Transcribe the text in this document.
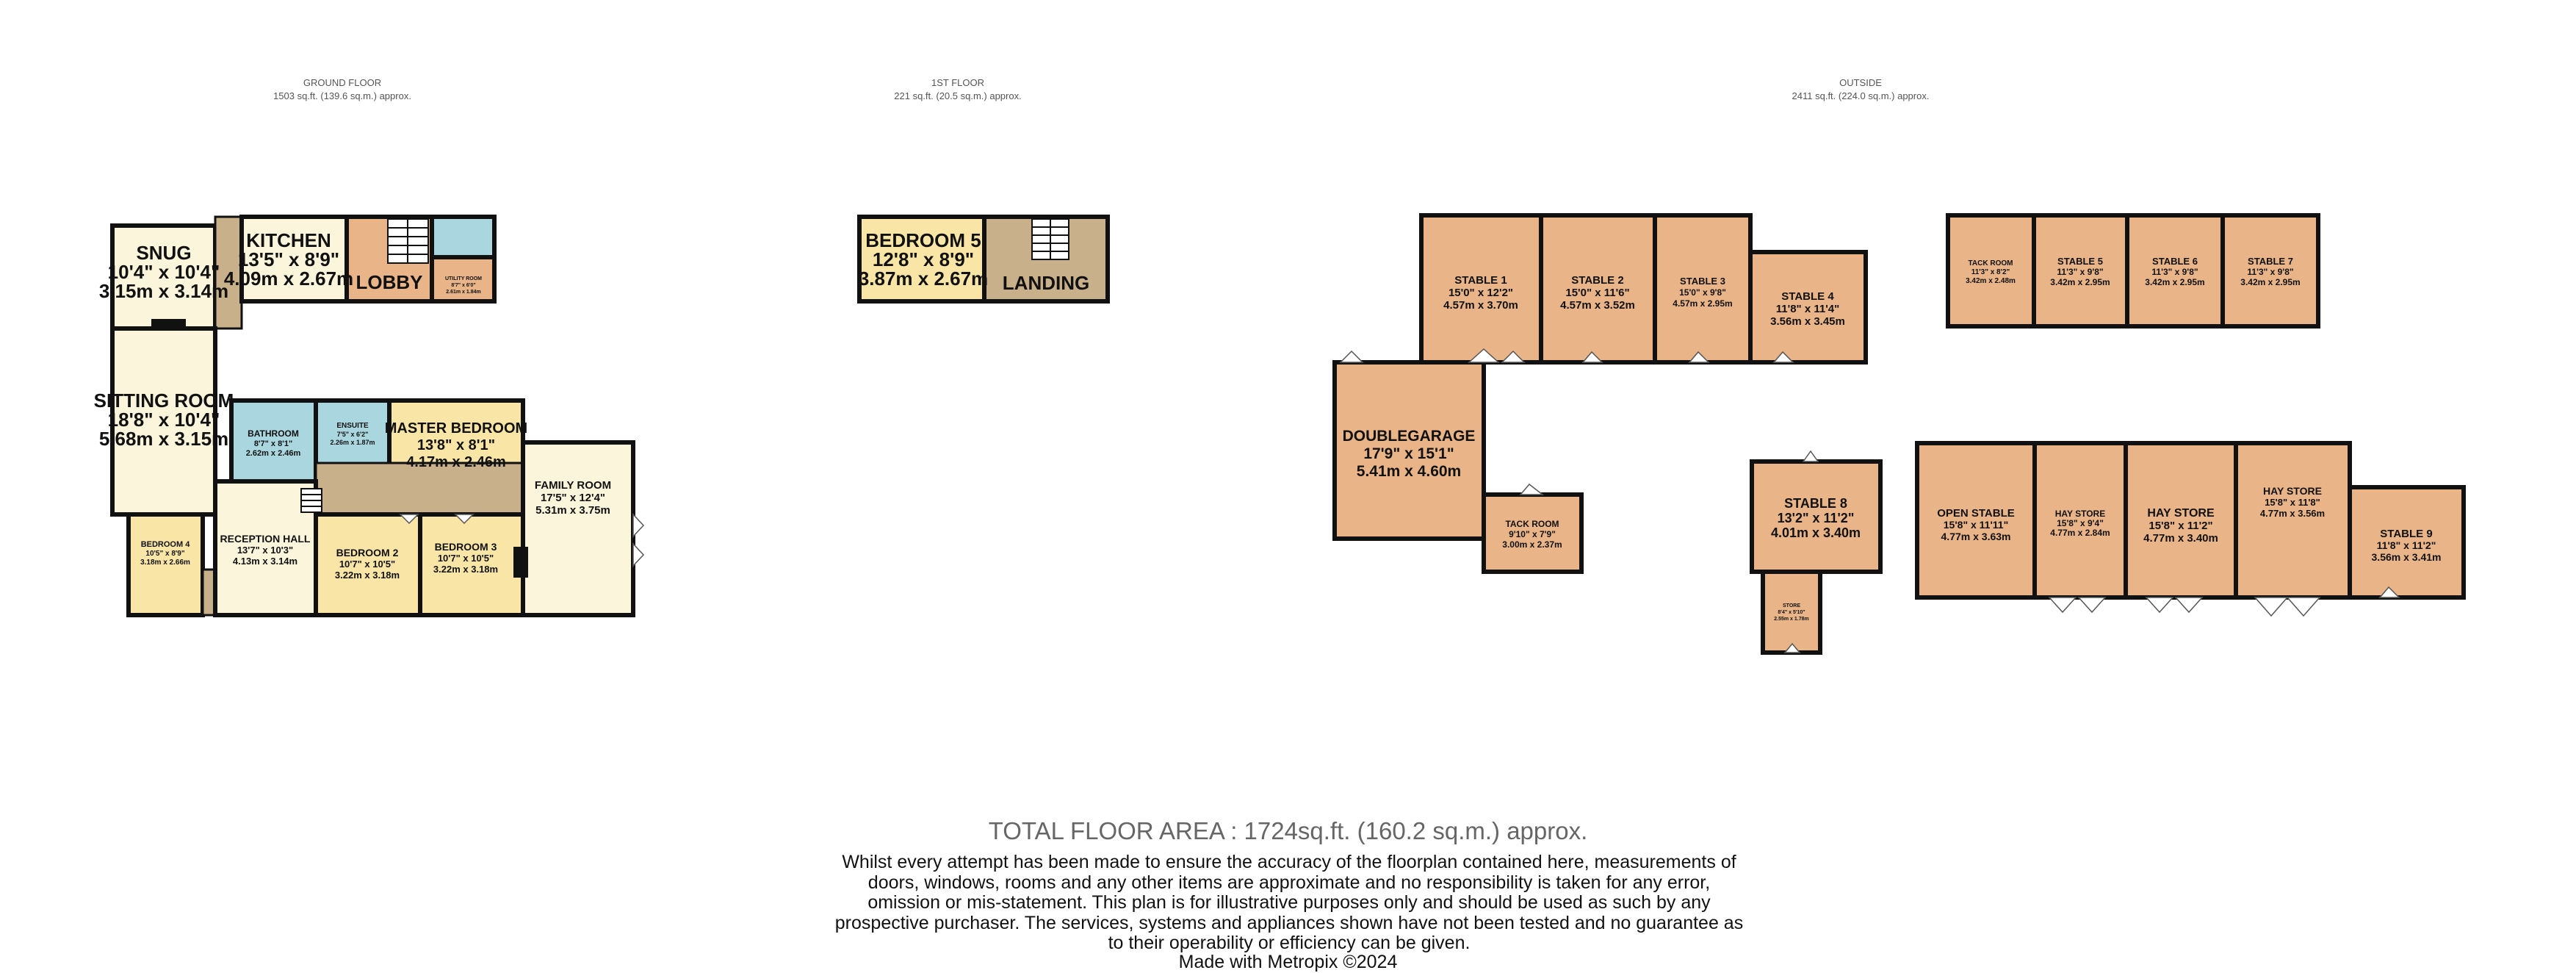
GROUND FLOOR
1503 sq.ft. (139.6 sq.m.) approx.
1ST FLOOR
221 sq.ft. (20.5 sq.m.) approx.
OUTSIDE
2411 sq.ft. (224.0 sq.m.) approx.
SNUG
10'4" x 10'4"
3.15m x 3.14m
KITCHEN
13'5" x 8'9"
4.09m x 2.67m LOBBY	UTILITY ROOM
8'7" x 6'0"
2.61m x 1.84m
SITTING ROOM
18'8" x 10'4"
5.68m x 3.15m BATHROOM
8'7" x 8'1"
2.62m x 2.46m
ENSUITE
7'5" x 6'2"
2.26m x 1.87m
MASTER BEDROOM
13'8" x 8'1"
4.17m x 2.46m
FAMILY ROOM
17'5" x 12'4"
5.31m x 3.75m
BEDROOM 4
10'5" x 8'9"
3.18m x 2.66m
RECEPTION HALL
13'7" x 10'3"
4.13m x 3.14m
BEDROOM 2
10'7" x 10'5"
3.22m x 3.18m
BEDROOM 3
10'7" x 10'5"
3.22m x 3.18m
BEDROOM 5
12'8" x 8'9"
3.87m x 2.67m LANDING	STABLE 1
15'0" x 12'2"
4.57m x 3.70m
STABLE 2
15'0" x 11'6"
4.57m x 3.52m
STABLE 3
15'0" x 9'8"
4.57m x 2.95m
STABLE 4
11'8" x 11'4"
3.56m x 3.45m
DOUBLEGARAGE
17'9" x 15'1"
5.41m x 4.60m
TACK ROOM
9'10" x 7'9"
3.00m x 2.37m
STABLE 8
13'2" x 11'2"
4.01m x 3.40m
STORE
8'4" x 5'10"
2.55m x 1.78m
TACK ROOM
11'3" x 8'2"
3.42m x 2.48m
STABLE 5
11'3" x 9'8"
3.42m x 2.95m
STABLE 6
11'3" x 9'8"
3.42m x 2.95m
STABLE 7
11'3" x 9'8"
3.42m x 2.95m
OPEN STABLE
15'8" x 11'11"
4.77m x 3.63m
HAY STORE
15'8" x 9'4"
4.77m x 2.84m
HAY STORE
15'8" x 11'2"
4.77m x 3.40m
HAY STORE
15'8" x 11'8"
4.77m x 3.56m
STABLE 9
11'8" x 11'2"
3.56m x 3.41m
TOTAL FLOOR AREA : 1724sq.ft. (160.2 sq.m.) approx.
Whilst every attempt has been made to ensure the accuracy of the floorplan contained here, measurements of doors, windows, rooms and any other items are approximate and no responsibility is taken for any error, omission or mis-statement. This plan is for illustrative purposes only and should be used as such by any prospective purchaser. The services, systems and appliances shown have not been tested and no guarantee as to their operability or efficiency can be given.
Made with Metropix ©2024
